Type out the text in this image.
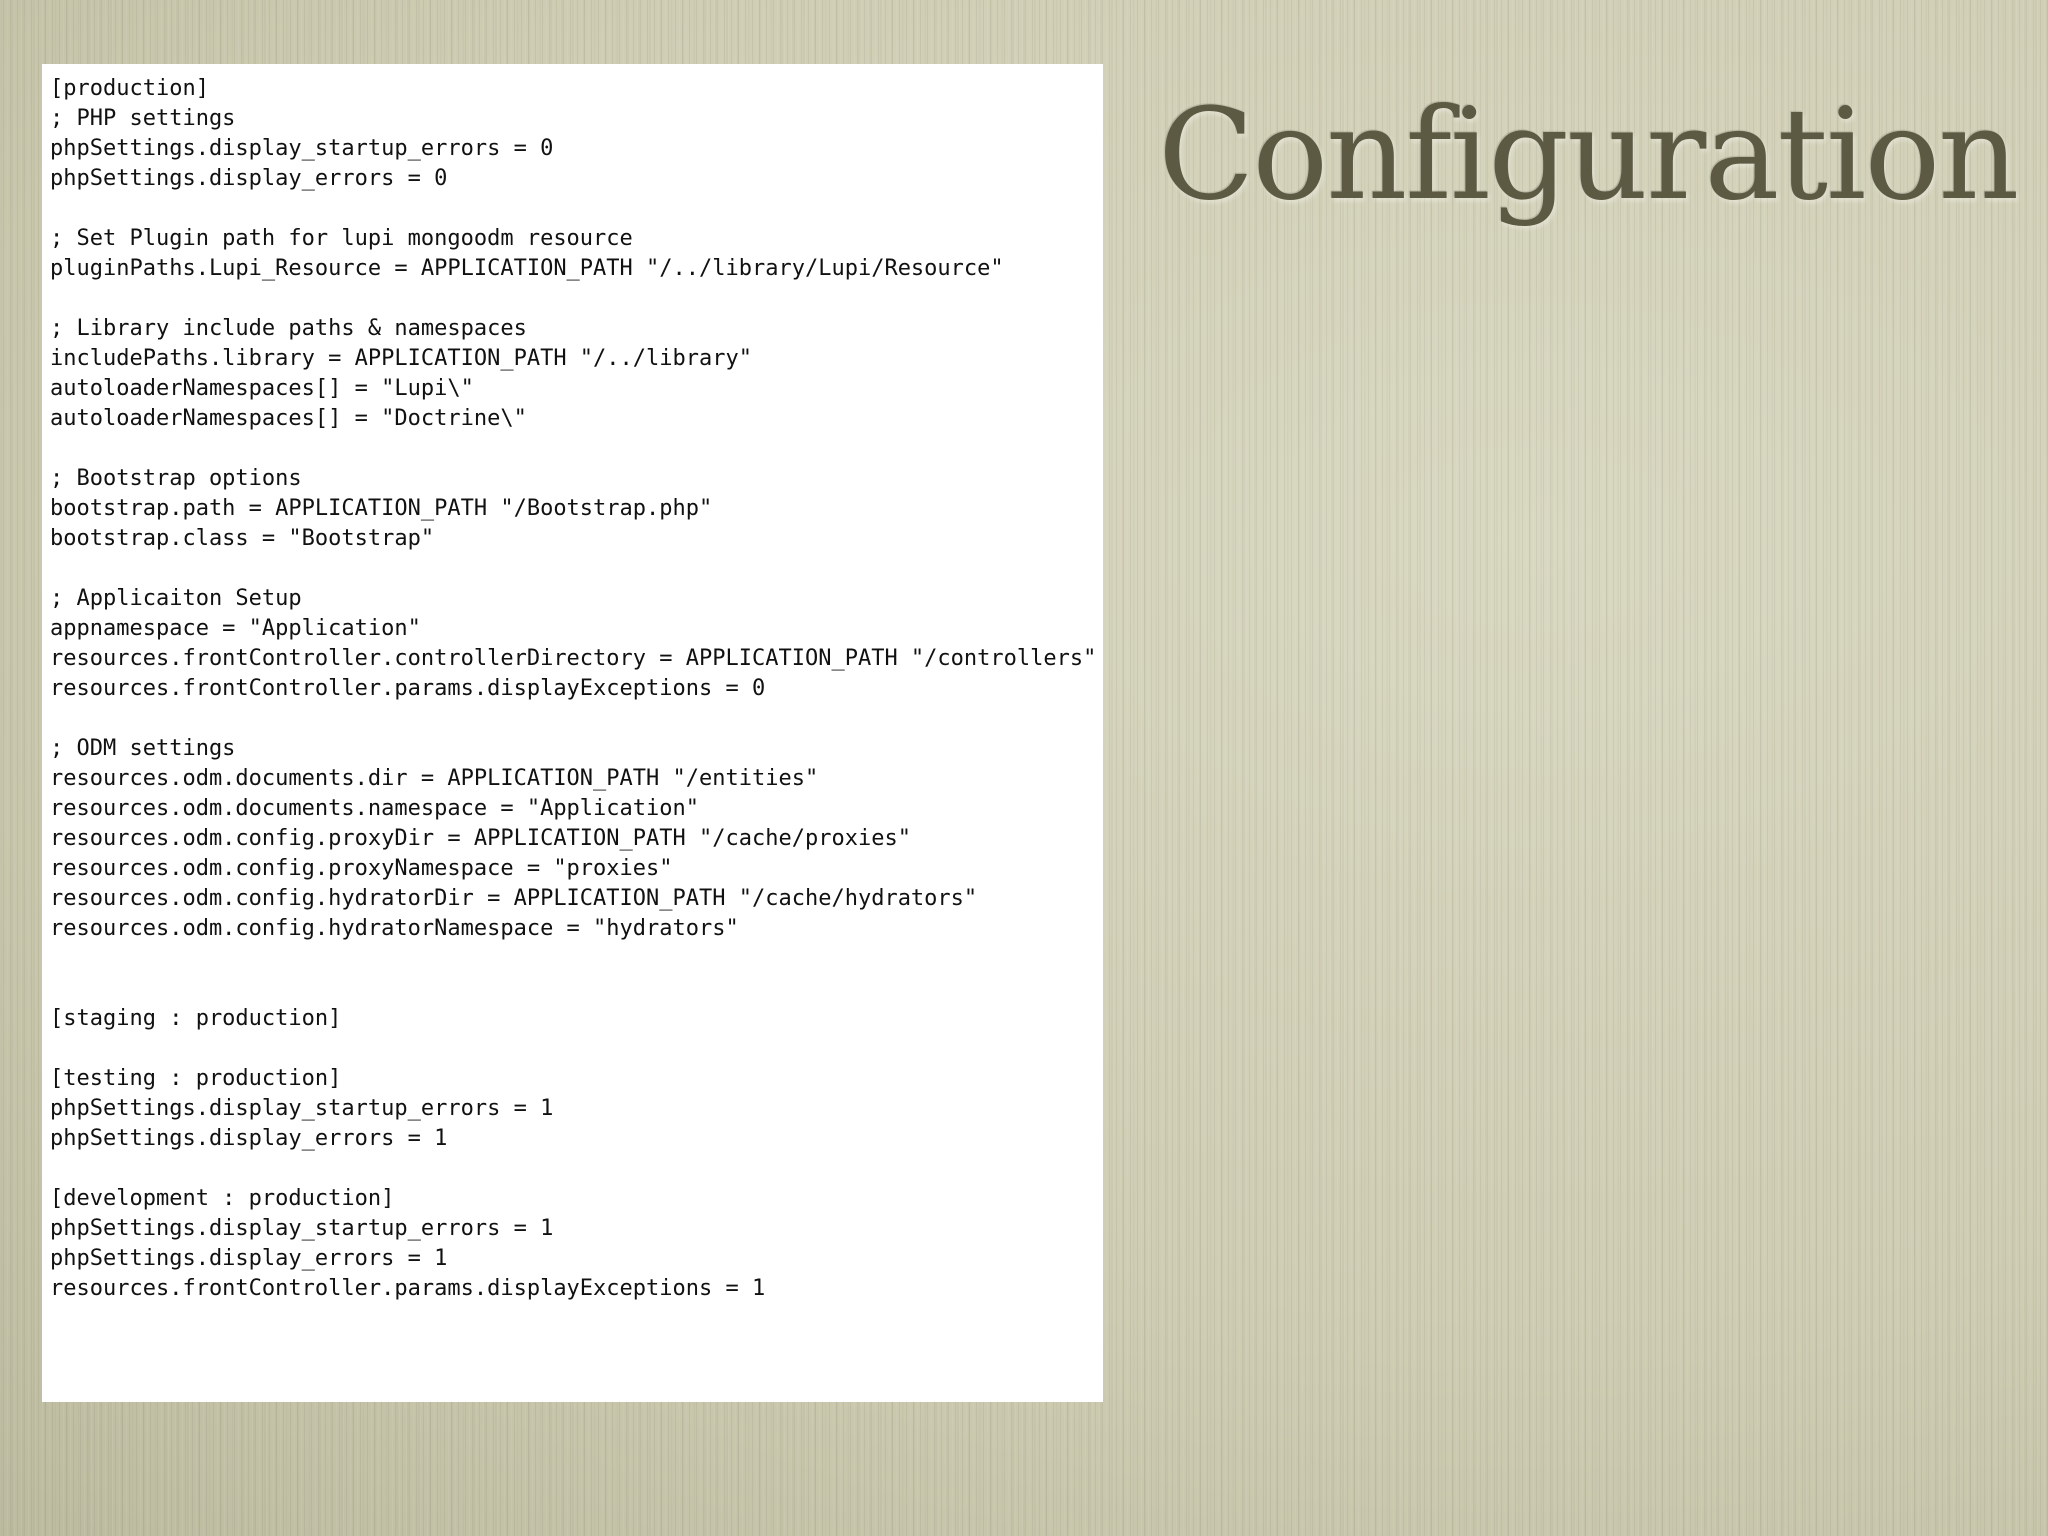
[production]
; PHP settings
phpSettings.display_startup_errors = 0
phpSettings.display_errors = 0
; Set Plugin path for lupi mongoodm resource
pluginPaths.Lupi_Resource = APPLICATION_PATH "/../library/Lupi/Resource"
; Library include paths & namespaces
includePaths.library = APPLICATION_PATH "/../library"
autoloaderNamespaces[] = "Lupi\"
autoloaderNamespaces[] = "Doctrine\"
; Bootstrap options
bootstrap.path = APPLICATION_PATH "/Bootstrap.php"
bootstrap.class = "Bootstrap"
; Applicaiton Setup
appnamespace = "Application"
resources.frontController.controllerDirectory = APPLICATION_PATH "/controllers"
resources.frontController.params.displayExceptions = 0
; ODM settings
resources.odm.documents.dir = APPLICATION_PATH "/entities"
resources.odm.documents.namespace = "Application"
resources.odm.config.proxyDir = APPLICATION_PATH "/cache/proxies"
resources.odm.config.proxyNamespace = "proxies"
resources.odm.config.hydratorDir = APPLICATION_PATH "/cache/hydrators"
resources.odm.config.hydratorNamespace = "hydrators"
[staging : production]
[testing : production]
phpSettings.display_startup_errors = 1
phpSettings.display_errors = 1
[development : production]
phpSettings.display_startup_errors = 1
phpSettings.display_errors = 1
resources.frontController.params.displayExceptions = 1
Configuration
